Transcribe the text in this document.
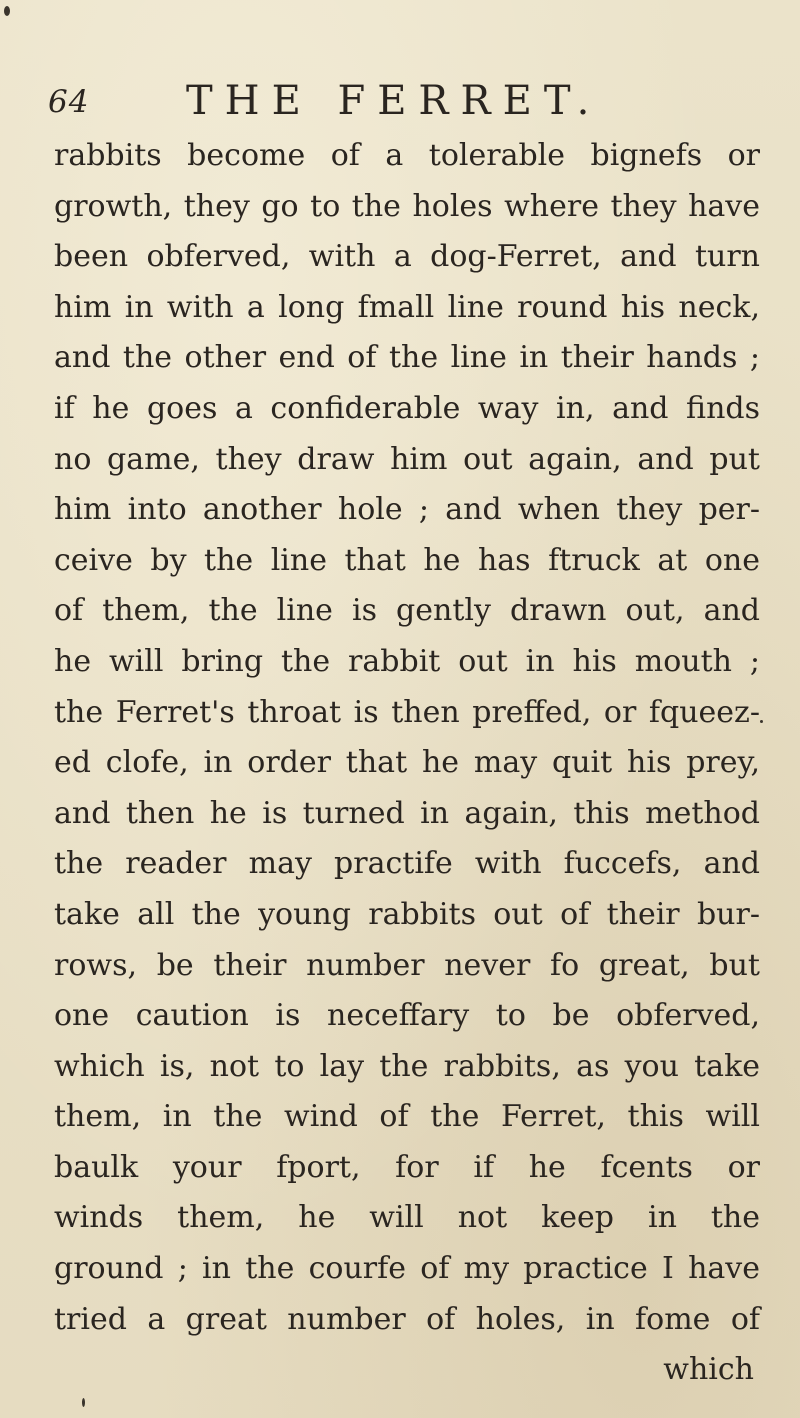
64 THE FERRET.
rabbits become of a tolerable bignefs or
growth, they go to the holes where they have
been obferved, with a dog-Ferret, and turn
him in with a long fmall line round his neck,
and the other end of the line in their hands ;
if he goes a confiderable way in, and finds
no game, they draw him out again, and put
him into another hole ; and when they per-
ceive by the line that he has ftruck at one
of them, the line is gently drawn out, and
he will bring the rabbit out in his mouth ;
the Ferret's throat is then preffed, or fqueez-
ed clofe, in order that he may quit his prey,
and then he is turned in again, this method
the reader may practife with fuccefs, and
take all the young rabbits out of their bur-
rows, be their number never fo great, but
one caution is neceffary to be obferved,
which is, not to lay the rabbits, as you take
them, in the wind of the Ferret, this will
baulk your fport, for if he fcents or
winds them, he will not keep in the
ground ; in the courfe of my practice I have
tried a great number of holes, in fome of
which
